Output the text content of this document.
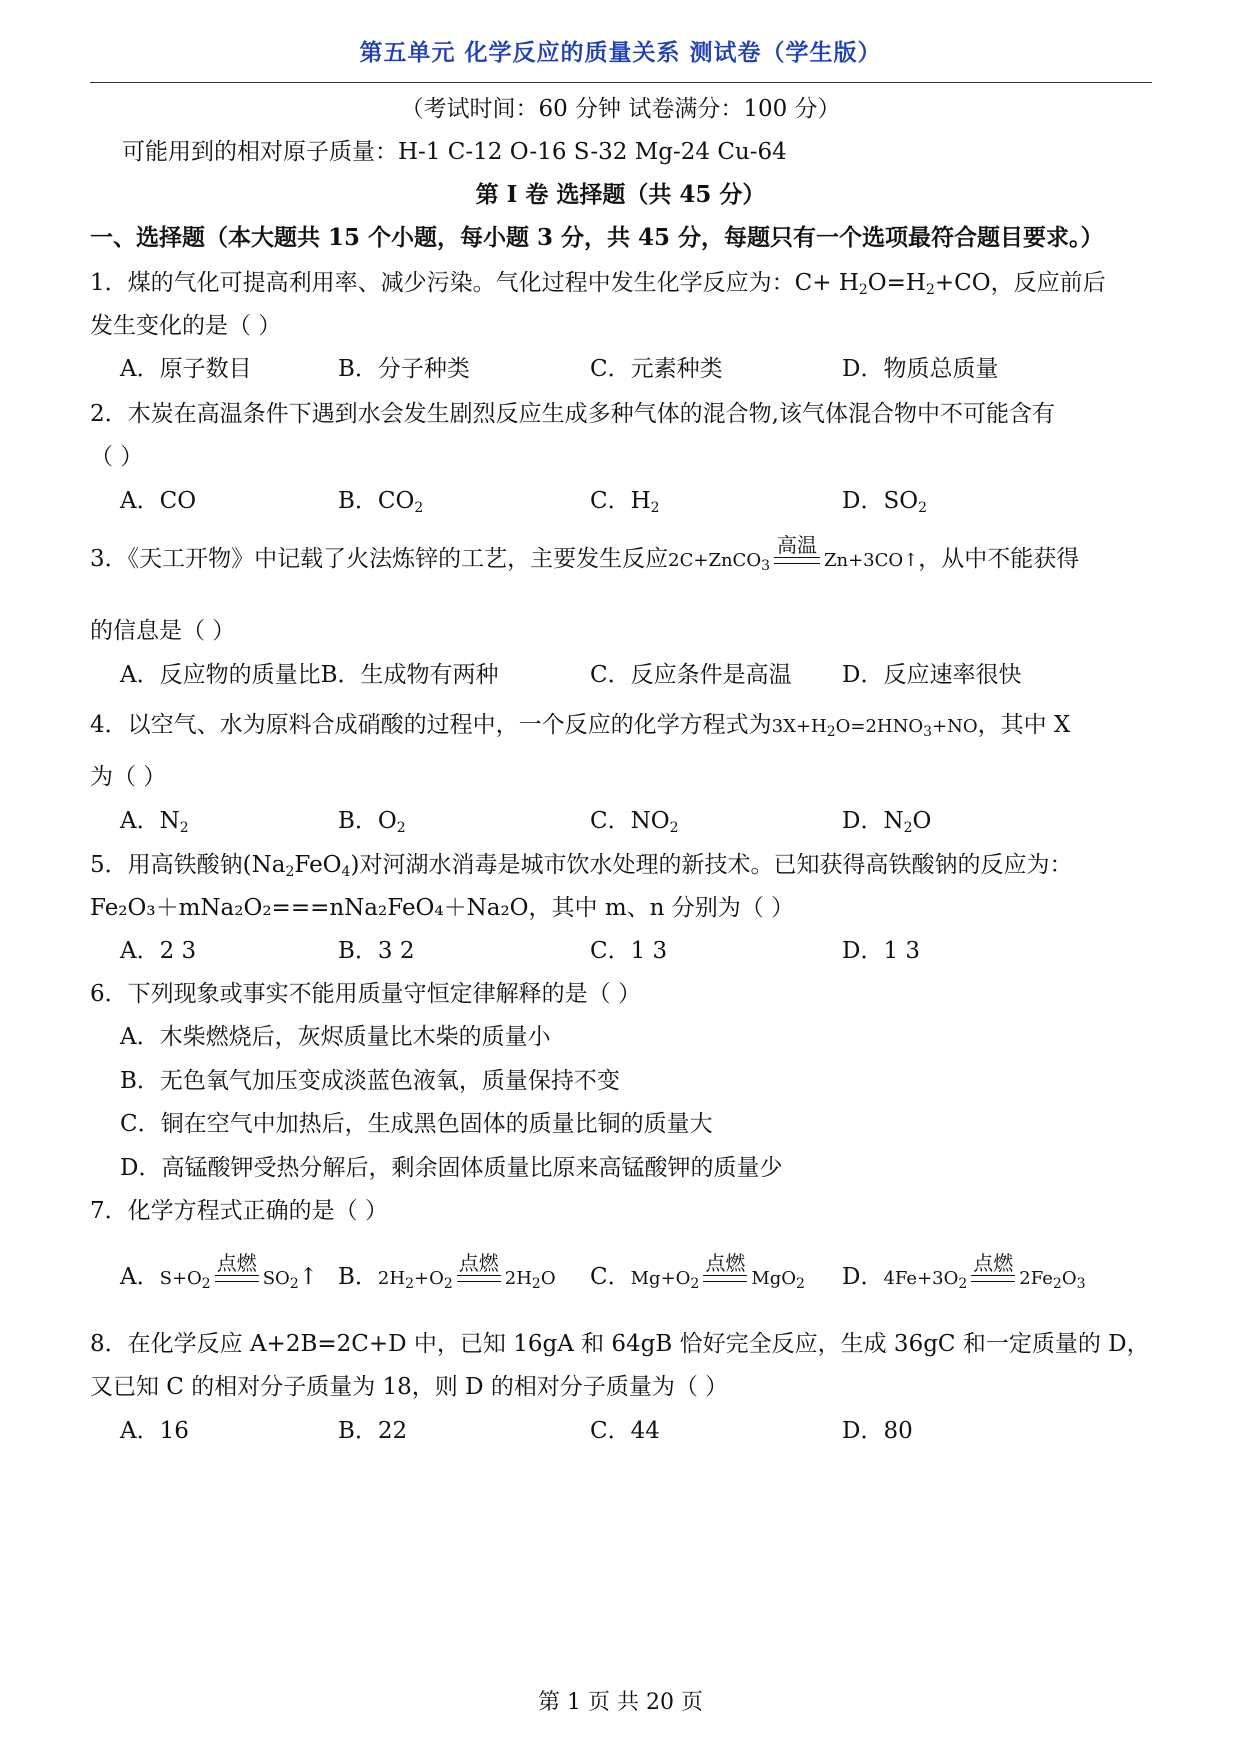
第五单元 化学反应的质量关系 测试卷（学生版）
（考试时间：60 分钟 试卷满分：100 分）
可能用到的相对原子质量：H-1 C-12 O-16 S-32 Mg-24 Cu-64
第 I 卷 选择题（共 45 分）
一、选择题（本大题共 15 个小题，每小题 3 分，共 45 分，每题只有一个选项最符合题目要求。）
1．煤的气化可提高利用率、减少污染。气化过程中发生化学反应为：$C+ H_2O=H_2+CO$，反应前后
发生变化的是（ ）
A．原子数目	B．分子种类	C．元素种类	D．物质总质量
2．木炭在高温条件下遇到水会发生剧烈反应生成多种气体的混合物,该气体混合物中不可能含有
（ ）
A．CO	B．$CO_2$	C．$H_2$	D．$SO_2$
3．《天工开物》中记载了火法炼锌的工艺，主要发生反应2C+ZnCO$_3$
高温
Zn+3CO↑，从中不能获得
的信息是（ ）
A．反应物的质量比B．生成物有两种	C．反应条件是高温 D．反应速率很快
4．以空气、水为原料合成硝酸的过程中，一个反应的化学方程式为$3X+H_2O=2HNO_3+NO$，其中 X
为（ ）
A．$N_2$	B．$O_2$	C．$NO_2$	D．$N_2O$
5．用高铁酸钠$(Na_2FeO_4)$对河湖水消毒是城市饮水处理的新技术。已知获得高铁酸钠的反应为：
Fe₂O₃＋mNa₂O₂===nNa₂FeO₄＋Na₂O，其中 m、n 分别为（ ）
A．2 3	B．3 2	C．1 3	D．1 3
6．下列现象或事实不能用质量守恒定律解释的是（ ）
A．木柴燃烧后，灰烬质量比木柴的质量小
B．无色氧气加压变成淡蓝色液氧，质量保持不变
C．铜在空气中加热后，生成黑色固体的质量比铜的质量大
D．高锰酸钾受热分解后，剩余固体质量比原来高锰酸钾的质量少
7．化学方程式正确的是（ ）
A．$S+O_2$
点燃
$SO_2↑$ B．$2H_2+O_2$
点燃
$2H_2O$ C．$Mg+O_2$
点燃
MgO$_2$ D．$4Fe+3O_2$
点燃
$2Fe_2O_3$
8．在化学反应 A+2B=2C+D 中，已知 16gA 和 64gB 恰好完全反应，生成 36gC 和一定质量的 D，
又已知 C 的相对分子质量为 18，则 D 的相对分子质量为（ ）
A．16	B．22	C．44	D．80
第 1 页 共 20 页
